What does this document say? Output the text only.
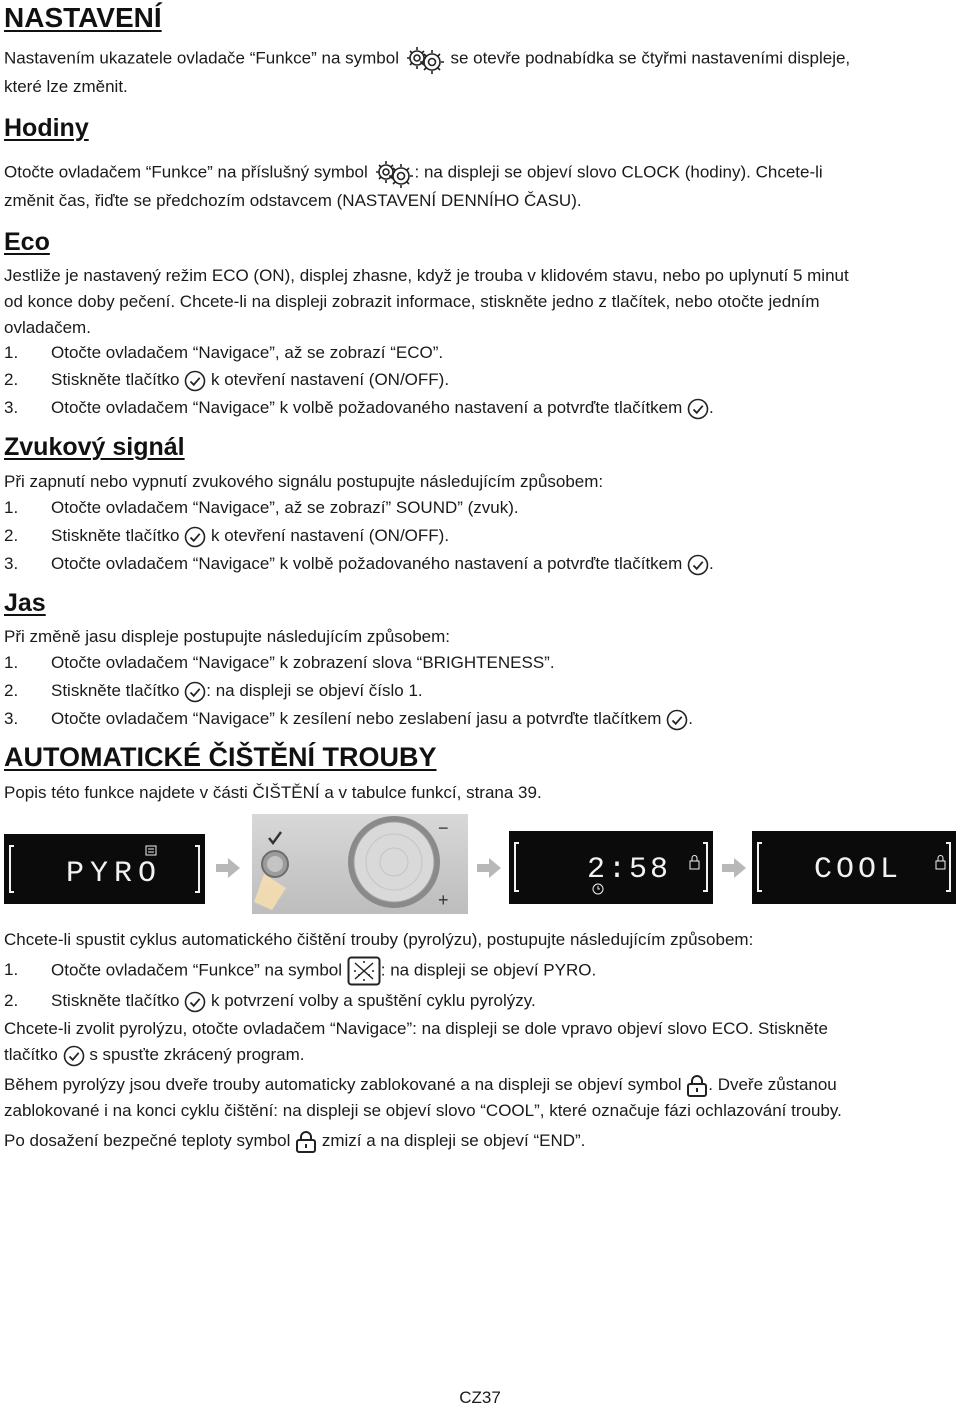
NASTAVENÍ
Nastavením ukazatele ovladače “Funkce” na symbol	se otevře podnabídka se čtyřmi nastaveními displeje,
které lze změnit.
Hodiny
Otočte ovladačem “Funkce” na příslušný symbol	: na displeji se objeví slovo CLOCK (hodiny). Chcete-li
změnit čas, řiďte se předchozím odstavcem (NASTAVENÍ DENNÍHO ČASU).
Eco
Jestliže je nastavený režim ECO (ON), displej zhasne, když je trouba v klidovém stavu, nebo po uplynutí 5 minut
od konce doby pečení. Chcete-li na displeji zobrazit informace, stiskněte jedno z tlačítek, nebo otočte jedním
ovladačem.
1. Otočte ovladačem “Navigace”, až se zobrazí “ECO”.
2. Stiskněte tlačítko k otevření nastavení (ON/OFF).
3. Otočte ovladačem “Navigace” k volbě požadovaného nastavení a potvrďte tlačítkem .
Zvukový signál
Při zapnutí nebo vypnutí zvukového signálu postupujte následujícím způsobem:
1. Otočte ovladačem “Navigace”, až se zobrazí” SOUND” (zvuk).
2. Stiskněte tlačítko k otevření nastavení (ON/OFF).
3. Otočte ovladačem “Navigace” k volbě požadovaného nastavení a potvrďte tlačítkem .
Jas
Při změně jasu displeje postupujte následujícím způsobem:
1. Otočte ovladačem “Navigace” k zobrazení slova “BRIGHTENESS”.
2. Stiskněte tlačítko : na displeji se objeví číslo 1.
3. Otočte ovladačem “Navigace” k zesílení nebo zeslabení jasu a potvrďte tlačítkem .
AUTOMATICKÉ ČIŠTĚNÍ TROUBY
Popis této funkce najdete v části ČIŠTĚNÍ a v tabulce funkcí, strana 39.
PYRO
−
+
2:58	COOL
Chcete-li spustit cyklus automatického čištění trouby (pyrolýzu), postupujte následujícím způsobem:
1. Otočte ovladačem “Funkce” na symbol : na displeji se objeví PYRO.
2. Stiskněte tlačítko k potvrzení volby a spuštění cyklu pyrolýzy.
Chcete-li zvolit pyrolýzu, otočte ovladačem “Navigace”: na displeji se dole vpravo objeví slovo ECO. Stiskněte
tlačítko s spusťte zkrácený program.
Během pyrolýzy jsou dveře trouby automaticky zablokované a na displeji se objeví symbol . Dveře zůstanou
zablokované i na konci cyklu čištění: na displeji se objeví slovo “COOL”, které označuje fázi ochlazování trouby.
Po dosažení bezpečné teploty symbol zmizí a na displeji se objeví “END”.
CZ37
